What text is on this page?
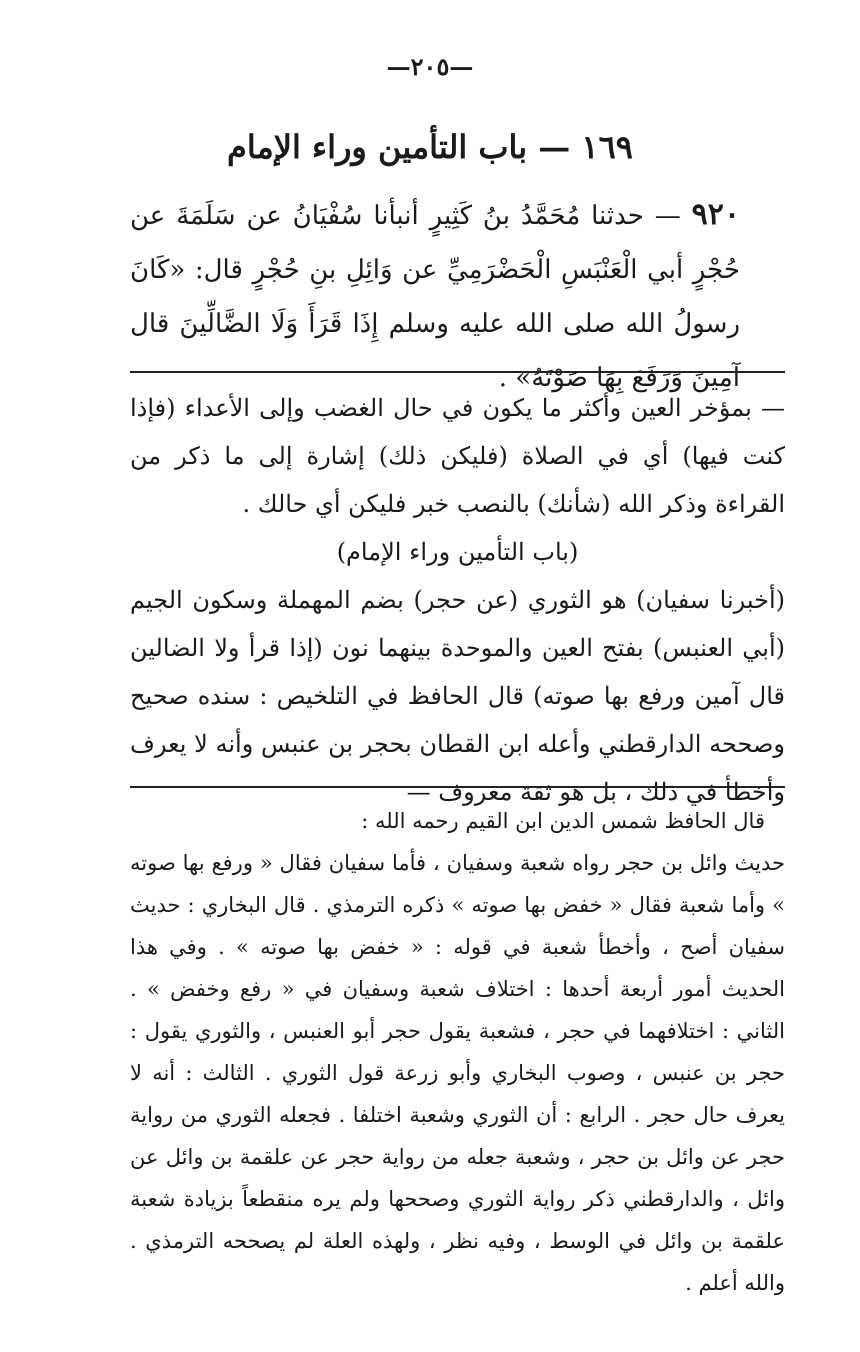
—٢٠٥—
١٦٩ — باب التأمين وراء الإمام
٩٢٠ — حدثنا مُحَمَّدُ بنُ كَثِيرٍ أنبأنا سُفْيَانُ عن سَلَمَةَ عن حُجْرٍ أبي الْعَنْبَسِ الْحَضْرَمِيِّ عن وَائِلِ بنِ حُجْرٍ قال: «كَانَ رسولُ الله صلى الله عليه وسلم إِذَا قَرَأَ وَلَا الضَّالِّينَ قال آمِينَ وَرَفَعَ بِهَا صَوْتَهُ» .

— بمؤخر العين وأكثر ما يكون في حال الغضب وإلى الأعداء (فإذا كنت فيها) أي في الصلاة (فليكن ذلك) إشارة إلى ما ذكر من القراءة وذكر الله (شأنك) بالنصب خبر فليكن أي حالك .

(باب التأمين وراء الإمام)

(أخبرنا سفيان) هو الثوري (عن حجر) بضم المهملة وسكون الجيم (أبي العنبس) بفتح العين والموحدة بينهما نون (إذا قرأ ولا الضالين قال آمين ورفع بها صوته) قال الحافظ في التلخيص : سنده صحيح وصححه الدارقطني وأعله ابن القطان بحجر بن عنبس وأنه لا يعرف وأخطأ في ذلك ، بل هو ثقة معروف —

قال الحافظ شمس الدين ابن القيم رحمه الله :

حديث وائل بن حجر رواه شعبة وسفيان ، فأما سفيان فقال « ورفع بها صوته » وأما شعبة فقال « خفض بها صوته » ذكره الترمذي . قال البخاري : حديث سفيان أصح ، وأخطأ شعبة في قوله : « خفض بها صوته » . وفي هذا الحديث أمور أربعة أحدها : اختلاف شعبة وسفيان في « رفع وخفض » . الثاني : اختلافهما في حجر ، فشعبة يقول حجر أبو العنبس ، والثوري يقول : حجر بن عنبس ، وصوب البخاري وأبو زرعة قول الثوري . الثالث : أنه لا يعرف حال حجر . الرابع : أن الثوري وشعبة اختلفا . فجعله الثوري من رواية حجر عن وائل بن حجر ، وشعبة جعله من رواية حجر عن علقمة بن وائل عن وائل ، والدارقطني ذكر رواية الثوري وصححها ولم يره منقطعاً بزيادة شعبة علقمة بن وائل في الوسط ، وفيه نظر ، ولهذه العلة لم يصححه الترمذي . والله أعلم .
